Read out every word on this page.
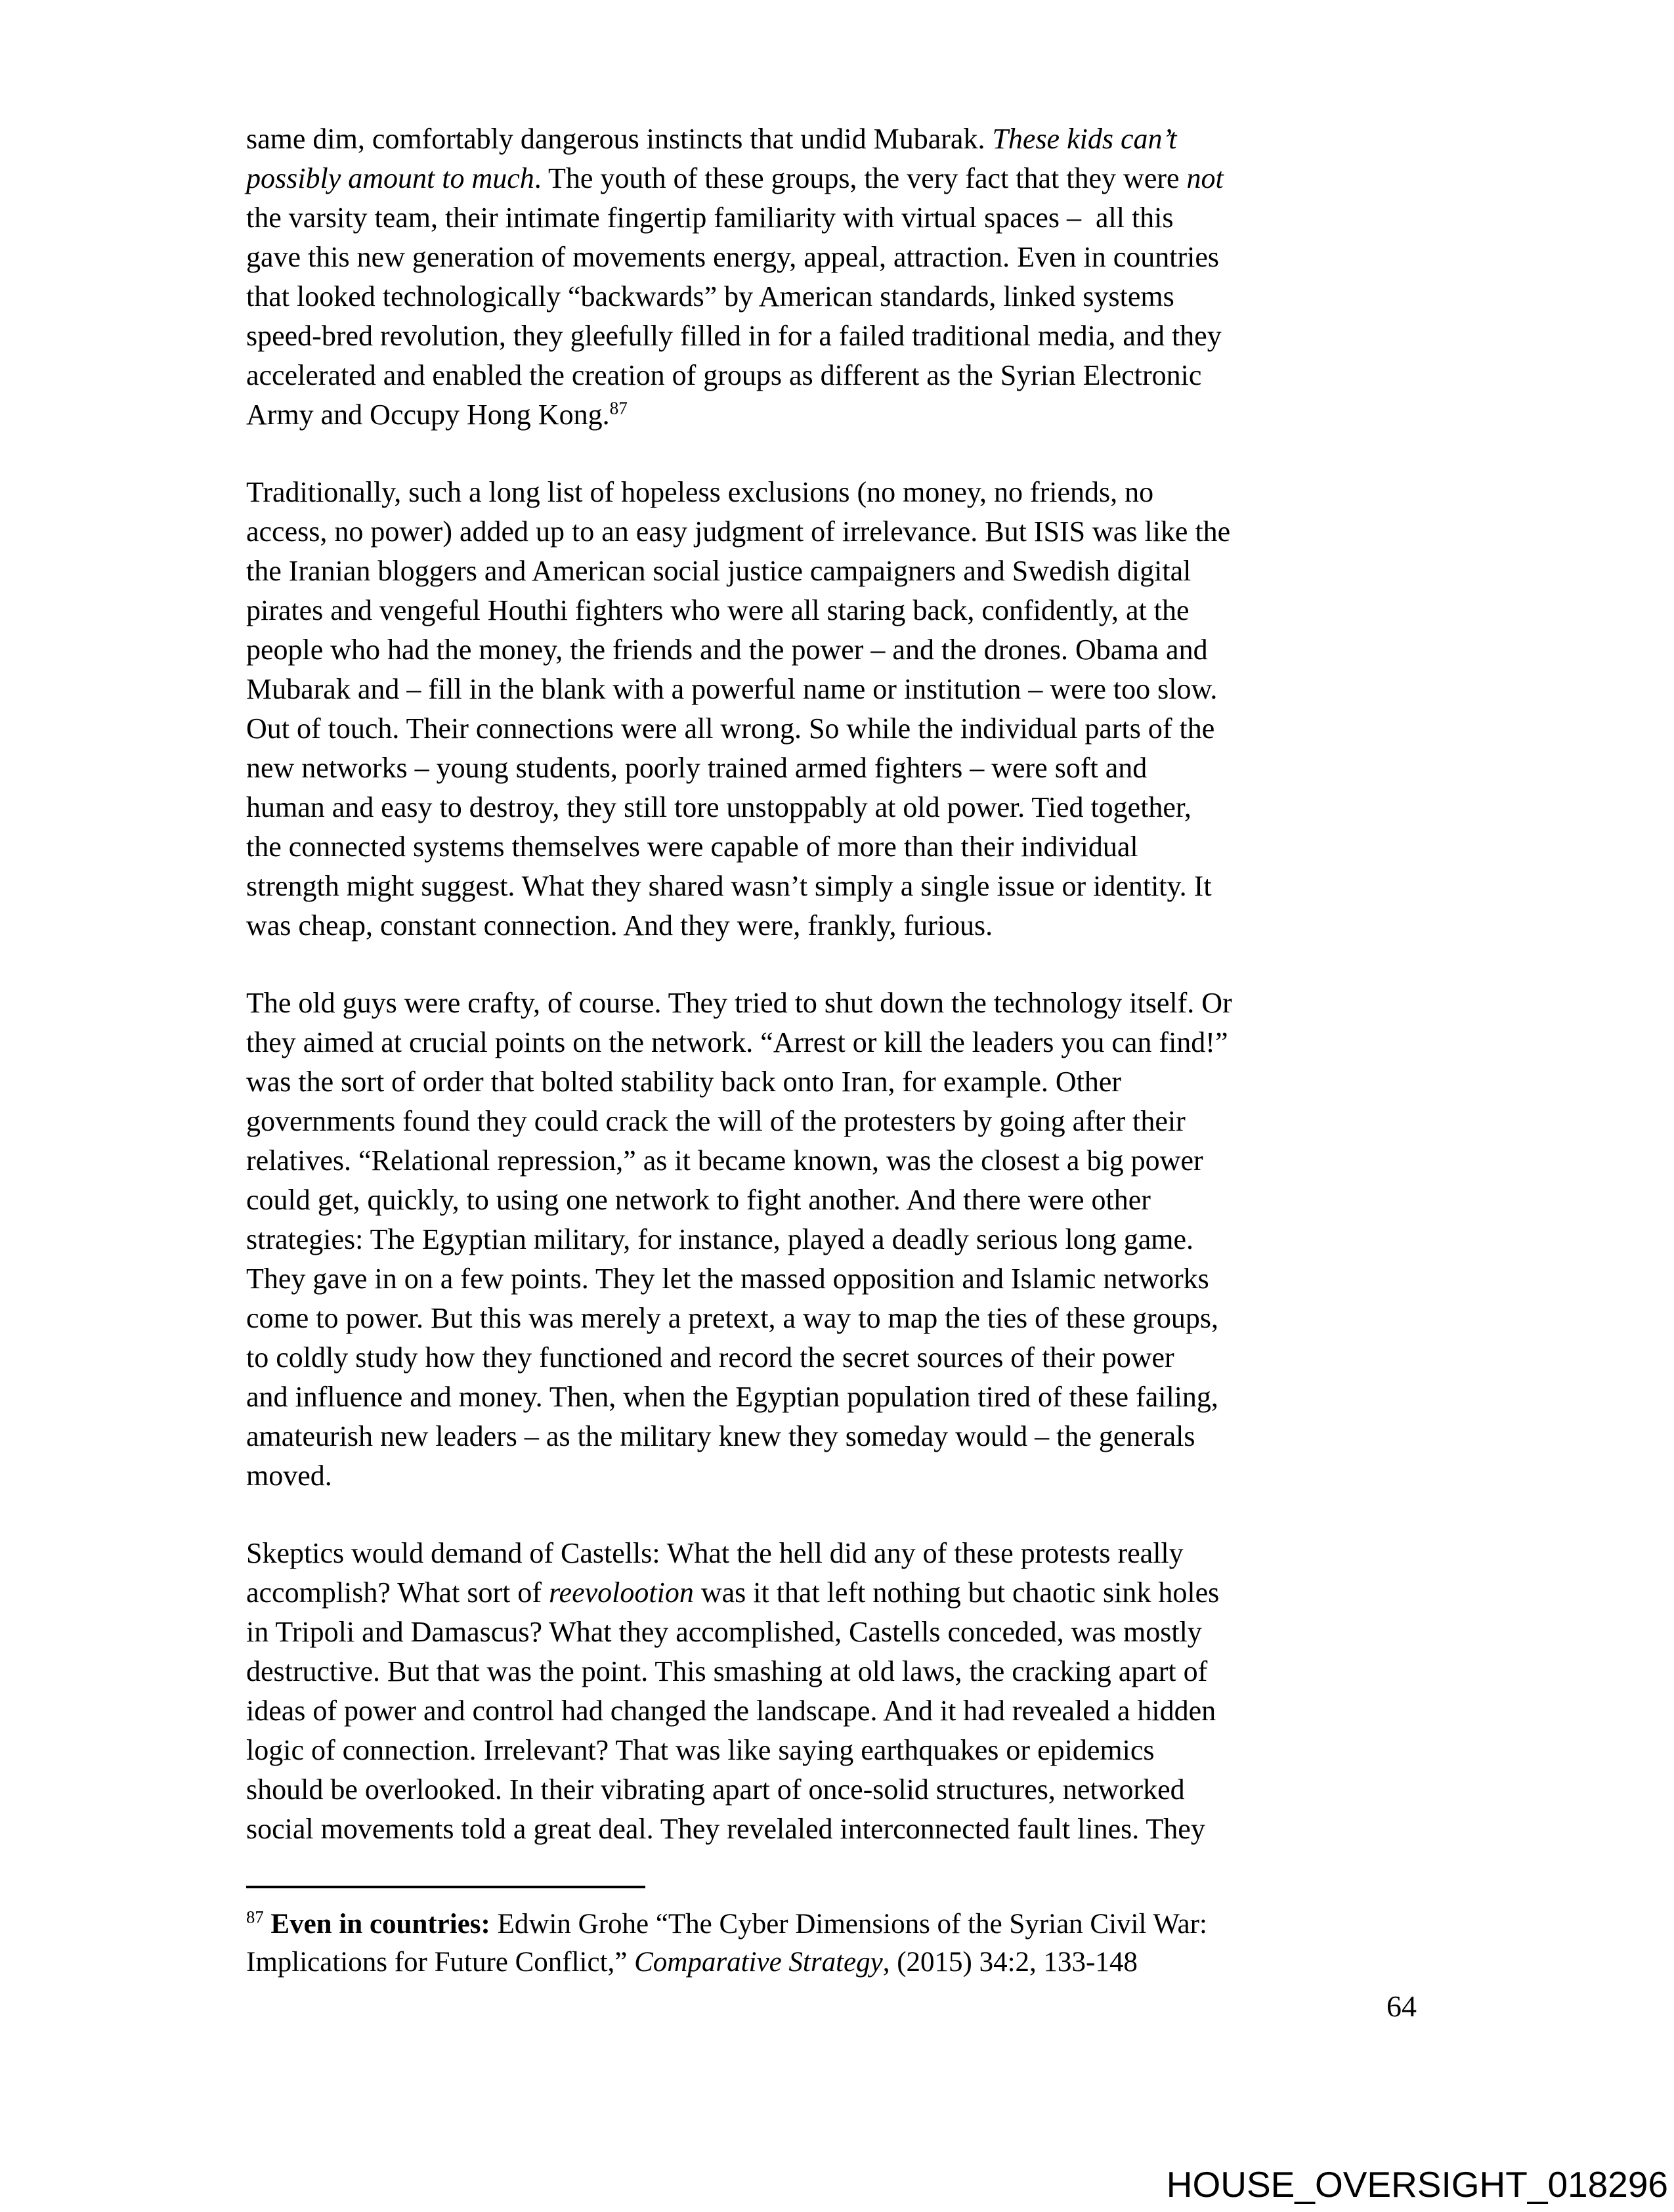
same dim, comfortably dangerous instincts that undid Mubarak. These kids can’t
possibly amount to much. The youth of these groups, the very fact that they were not
the varsity team, their intimate fingertip familiarity with virtual spaces –  all this
gave this new generation of movements energy, appeal, attraction. Even in countries
that looked technologically “backwards” by American standards, linked systems
speed-bred revolution, they gleefully filled in for a failed traditional media, and they
accelerated and enabled the creation of groups as different as the Syrian Electronic
Army and Occupy Hong Kong.$^{87}$
Traditionally, such a long list of hopeless exclusions (no money, no friends, no
access, no power) added up to an easy judgment of irrelevance. But ISIS was like the
the Iranian bloggers and American social justice campaigners and Swedish digital
pirates and vengeful Houthi fighters who were all staring back, confidently, at the
people who had the money, the friends and the power – and the drones. Obama and
Mubarak and – fill in the blank with a powerful name or institution – were too slow.
Out of touch. Their connections were all wrong. So while the individual parts of the
new networks – young students, poorly trained armed fighters – were soft and
human and easy to destroy, they still tore unstoppably at old power. Tied together,
the connected systems themselves were capable of more than their individual
strength might suggest. What they shared wasn’t simply a single issue or identity. It
was cheap, constant connection. And they were, frankly, furious.
The old guys were crafty, of course. They tried to shut down the technology itself. Or
they aimed at crucial points on the network. “Arrest or kill the leaders you can find!”
was the sort of order that bolted stability back onto Iran, for example. Other
governments found they could crack the will of the protesters by going after their
relatives. “Relational repression,” as it became known, was the closest a big power
could get, quickly, to using one network to fight another. And there were other
strategies: The Egyptian military, for instance, played a deadly serious long game.
They gave in on a few points. They let the massed opposition and Islamic networks
come to power. But this was merely a pretext, a way to map the ties of these groups,
to coldly study how they functioned and record the secret sources of their power
and influence and money. Then, when the Egyptian population tired of these failing,
amateurish new leaders – as the military knew they someday would – the generals
moved.
Skeptics would demand of Castells: What the hell did any of these protests really
accomplish? What sort of reevolootion was it that left nothing but chaotic sink holes
in Tripoli and Damascus? What they accomplished, Castells conceded, was mostly
destructive. But that was the point. This smashing at old laws, the cracking apart of
ideas of power and control had changed the landscape. And it had revealed a hidden
logic of connection. Irrelevant? That was like saying earthquakes or epidemics
should be overlooked. In their vibrating apart of once-solid structures, networked
social movements told a great deal. They revelaled interconnected fault lines. They
$^{87}$ Even in countries: Edwin Grohe “The Cyber Dimensions of the Syrian Civil War:
Implications for Future Conflict,” Comparative Strategy, (2015) 34:2, 133-148
64
HOUSE_OVERSIGHT_018296
